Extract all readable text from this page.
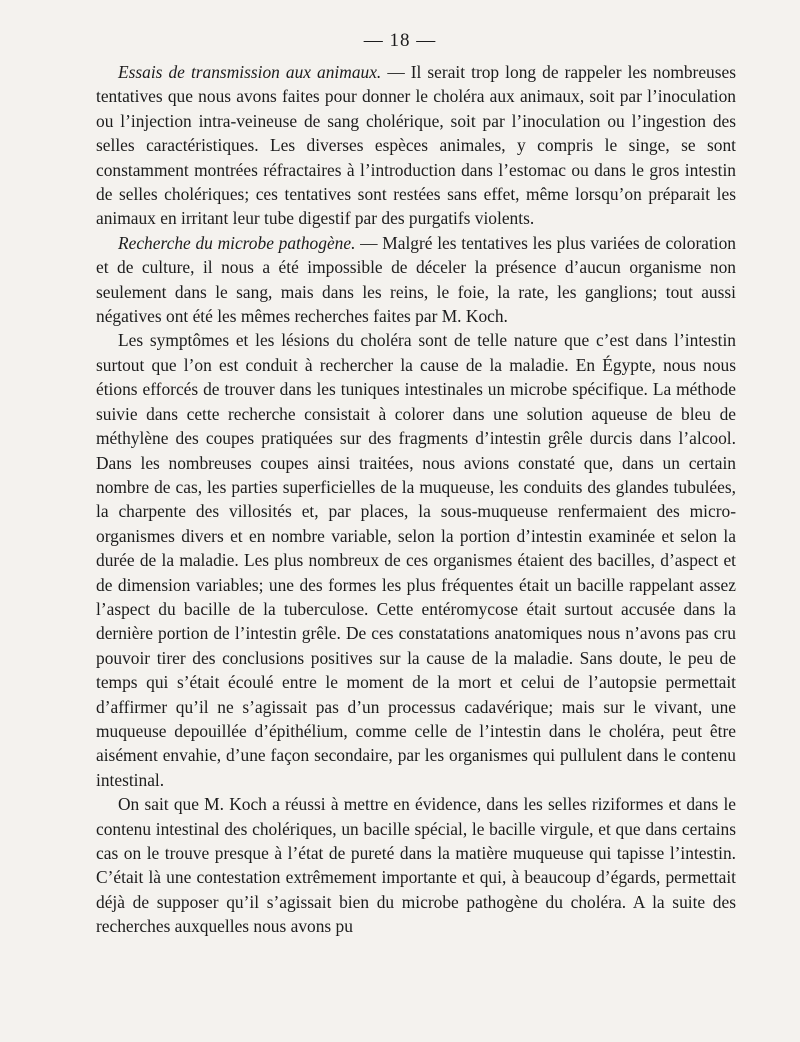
— 18 —

Essais de transmission aux animaux. — Il serait trop long de rappeler les nombreuses tentatives que nous avons faites pour donner le choléra aux animaux, soit par l’inoculation ou l’injection intra-veineuse de sang cholérique, soit par l’inoculation ou l’ingestion des selles caractéristiques. Les diverses espèces animales, y compris le singe, se sont constamment montrées réfractaires à l’introduction dans l’estomac ou dans le gros intestin de selles cholériques; ces tentatives sont restées sans effet, même lorsqu’on préparait les animaux en irritant leur tube digestif par des purgatifs violents.

Recherche du microbe pathogène. — Malgré les tentatives les plus variées de coloration et de culture, il nous a été impossible de déceler la présence d’aucun organisme non seulement dans le sang, mais dans les reins, le foie, la rate, les ganglions; tout aussi négatives ont été les mêmes recherches faites par M. Koch.

Les symptômes et les lésions du choléra sont de telle nature que c’est dans l’intestin surtout que l’on est conduit à rechercher la cause de la maladie. En Égypte, nous nous étions efforcés de trouver dans les tuniques intestinales un microbe spécifique. La méthode suivie dans cette recherche consistait à colorer dans une solution aqueuse de bleu de méthylène des coupes pratiquées sur des fragments d’intestin grêle durcis dans l’alcool. Dans les nombreuses coupes ainsi traitées, nous avions constaté que, dans un certain nombre de cas, les parties superficielles de la muqueuse, les conduits des glandes tubulées, la charpente des villosités et, par places, la sous-muqueuse renfermaient des micro-organismes divers et en nombre variable, selon la portion d’intestin examinée et selon la durée de la maladie. Les plus nombreux de ces organismes étaient des bacilles, d’aspect et de dimension variables; une des formes les plus fréquentes était un bacille rappelant assez l’aspect du bacille de la tuberculose. Cette entéromycose était surtout accusée dans la dernière portion de l’intestin grêle. De ces constatations anatomiques nous n’avons pas cru pouvoir tirer des conclusions positives sur la cause de la maladie. Sans doute, le peu de temps qui s’était écoulé entre le moment de la mort et celui de l’autopsie permettait d’affirmer qu’il ne s’agissait pas d’un processus cadavérique; mais sur le vivant, une muqueuse depouillée d’épithélium, comme celle de l’intestin dans le choléra, peut être aisément envahie, d’une façon secondaire, par les organismes qui pullulent dans le contenu intestinal.

On sait que M. Koch a réussi à mettre en évidence, dans les selles riziformes et dans le contenu intestinal des cholériques, un bacille spécial, le bacille virgule, et que dans certains cas on le trouve presque à l’état de pureté dans la matière muqueuse qui tapisse l’intestin. C’était là une contestation extrêmement importante et qui, à beaucoup d’égards, permettait déjà de supposer qu’il s’agissait bien du microbe pathogène du choléra. A la suite des recherches auxquelles nous avons pu
